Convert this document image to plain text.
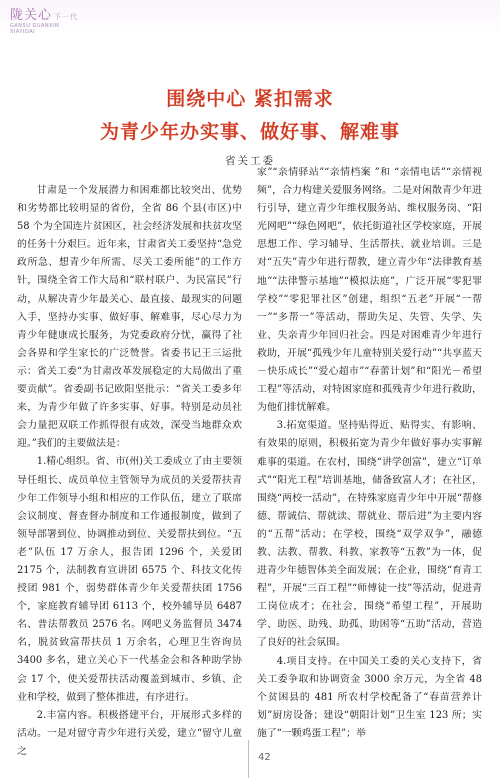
陇关心 下一代
GANSU GUANXIN
XIAYIDAI
围绕中心 紧扣需求
为青少年办实事、做好事、解难事
省关工委

甘肃是一个发展潜力和困难都比较突出、优势和劣势都比较明显的省份，全省 86 个县(市区)中 58 个为全国连片贫困区，社会经济发展和扶贫攻坚的任务十分艰巨。近年来，甘肃省关工委坚持“急党政所急、想青少年所需、尽关工委所能”的工作方针，围绕全省工作大局和“联村联户、为民富民”行动，从解决青少年最关心、最直接、最现实的问题入手，坚持办实事、做好事、解难事，尽心尽力为青少年健康成长服务，为党委政府分忧，赢得了社会各界和学生家长的广泛赞誉。省委书记王三运批示：省关工委“为甘肃改革发展稳定的大局做出了重要贡献”。省委副书记欧阳坚批示：“省关工委多年来，为青少年做了许多实事、好事。特别是动员社会力量把双联工作抓得很有成效，深受当地群众欢迎。”我们的主要做法是：

1.精心组织。省、市(州)关工委成立了由主要领导任组长、成员单位主管领导为成员的关爱帮扶青少年工作领导小组和相应的工作队伍，建立了联席会议制度、督查督办制度和工作通报制度，做到了领导部署到位、协调推动到位、关爱帮扶到位。“五老”队伍 17 万余人，报告团 1296 个，关爱团 2175 个，法制教育宣讲团 6575 个、科技文化传授团 981 个，弱势群体青少年关爱帮扶团 1756 个，家庭教育辅导团 6113 个，校外辅导员 6487 名、普法帮教员 2576 名。网吧义务监督员 3474 名，脱贫致富帮扶员 1 万余名，心理卫生咨询员 3400 多名，建立关心下一代基金会和各种助学协会 17 个，使关爱帮扶活动覆盖到城市、乡镇、企业和学校，做到了整体推进，有序进行。

2.丰富内容。积极搭建平台，开展形式多样的活动。一是对留守青少年进行关爱，建立“留守儿童之

家”“亲情驿站”“亲情档案 ”和 “亲情电话”“亲情视频”，合力构建关爱服务网络。二是对闲散青少年进行引导，建立青少年维权服务站、维权服务岗、“阳光网吧”“绿色网吧”，依托街道社区学校家庭，开展思想工作、学习辅导、生活帮扶、就业培训。三是对“五失”青少年进行帮教，建立青少年“法律教育基地”“法律警示基地”“模拟法庭”，广泛开展“零犯罪学校”“零犯罪社区”创建，组织“五老”开展“一帮一”“多帮一”等活动，帮助失足、失管、失学、失业、失亲青少年回归社会。四是对困难青少年进行救助，开展“孤残少年儿童特别关爱行动”“共享蓝天－快乐成长”“爱心超市”“春蕾计划”和“阳光－希望工程”等活动，对特困家庭和孤残青少年进行救助，为他们排忧解难。

3.拓宽渠道。坚持贴得近、贴得实、有影响、有效果的原则，积极拓宽为青少年做好事办实事解难事的渠道。在农村，围绕“讲学创富”，建立“订单式”“阳光工程”培训基地，储备致富人才；在社区，围绕“两校一活动”，在特殊家庭青少年中开展“帮修德、帮诚信、帮就读、帮就业、帮后进”为主要内容的“五帮”活动；在学校，围绕“双学双争”，融德教、法教、帮教、科教、家教等“五教”为一体，促进青少年德智体美全面发展；在企业，围绕“育青工程”，开展“三百工程”“师傅徒一技”等活动，促进青工岗位成才；在社会，围绕“希望工程”，开展助学、助医、助残、助孤、助困等“五助”活动，营造了良好的社会氛围。

4.项目支持。在中国关工委的关心支持下，省关工委争取和协调资金 3000 余万元，为全省 48 个贫困县的 481 所农村学校配备了“春苗营养计划”厨房设备；建设“朝阳计划”卫生室 123 所；实施了“一颗鸡蛋工程”；举

42
